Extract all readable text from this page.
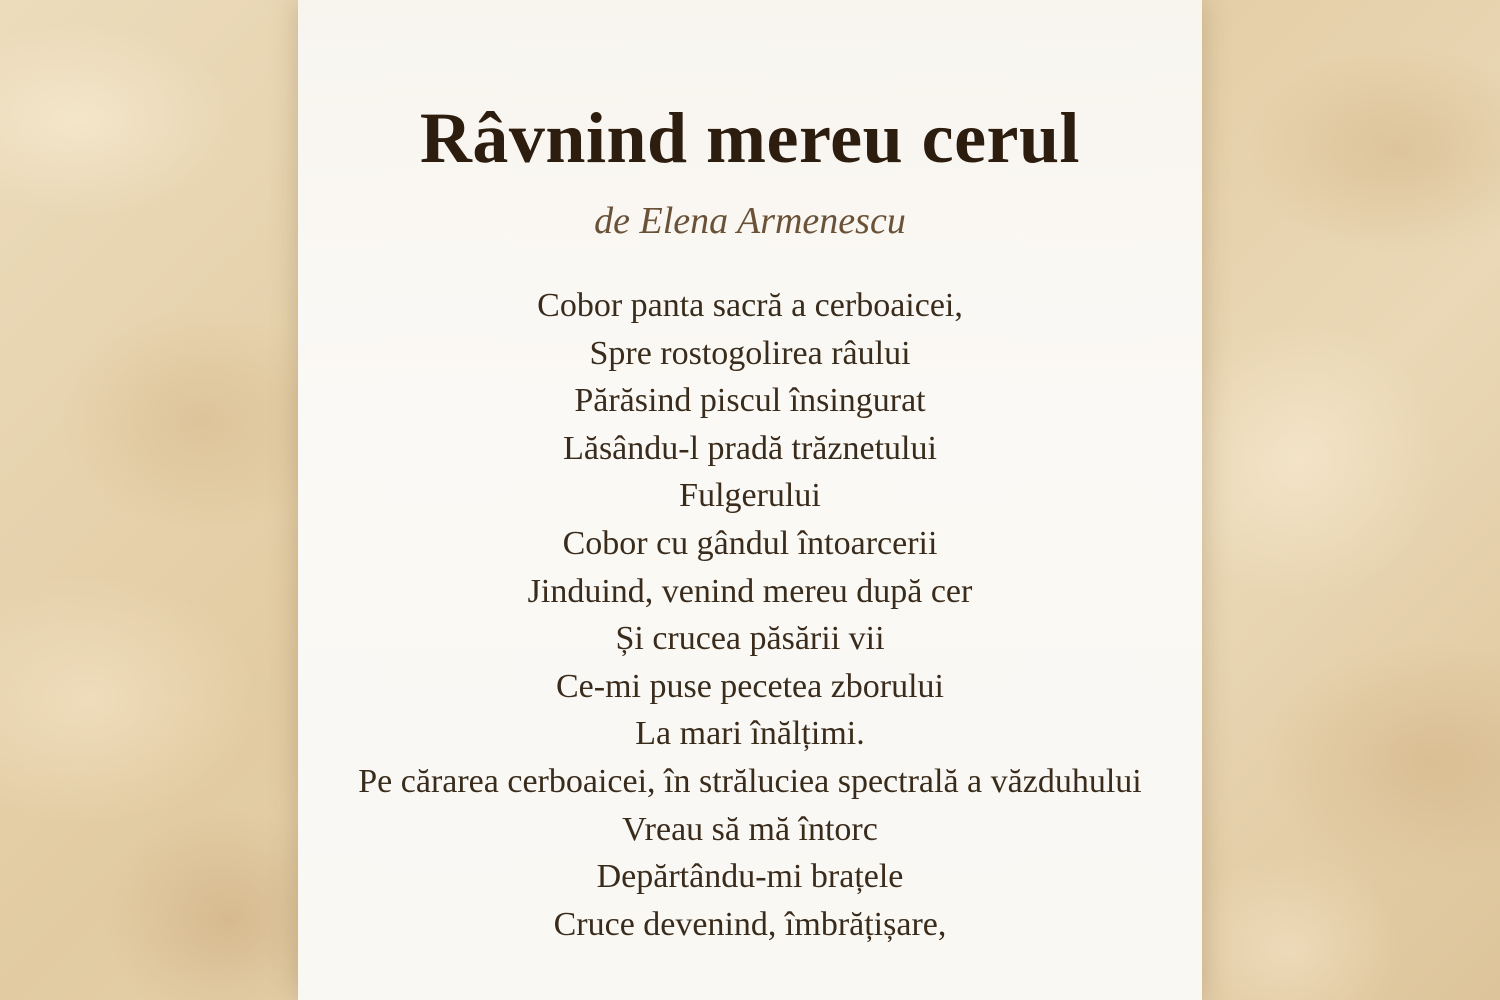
Râvnind mereu cerul

de Elena Armenescu

Cobor panta sacră a cerboaicei,
Spre rostogolirea râului
Părăsind piscul însingurat
Lăsându-l pradă trăznetului
Fulgerului
Cobor cu gândul întoarcerii
Jinduind, venind mereu după cer
Și crucea păsării vii
Ce-mi puse pecetea zborului
La mari înălțimi.
Pe cărarea cerboaicei, în străluciea spectrală a văzduhului
Vreau să mă întorc
Depărtându-mi brațele
Cruce devenind, îmbrățișare,
